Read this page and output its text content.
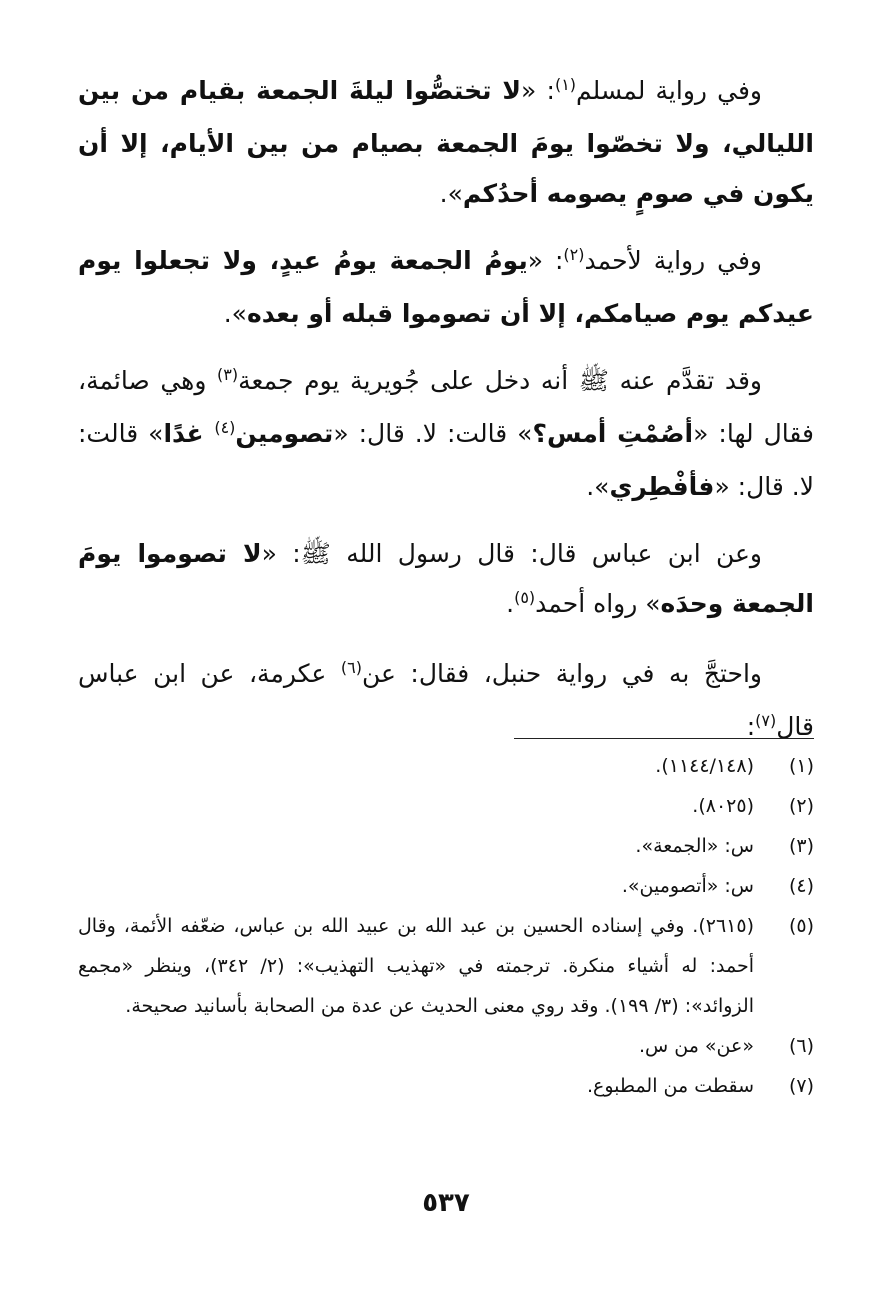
وفي رواية لمسلم$^{(١)}$: «لا تختصُّوا ليلةَ الجمعة بقيام من بين الليالي، ولا تخصّوا يومَ الجمعة بصيام من بين الأيام، إلا أن يكون في صومٍ يصومه أحدُكم».

وفي رواية لأحمد$^{(٢)}$: «يومُ الجمعة يومُ عيدٍ، ولا تجعلوا يوم عيدكم يوم صيامكم، إلا أن تصوموا قبله أو بعده».

وقد تقدَّم عنه ﷺ أنه دخل على جُويرية يوم جمعة$^{(٣)}$ وهي صائمة، فقال لها: «أصُمْتِ أمس؟» قالت: لا. قال: «تصومين$^{(٤)}$ غدًا» قالت: لا. قال: «فأفْطِري».

وعن ابن عباس قال: قال رسول الله ﷺ: «لا تصوموا يومَ الجمعة وحدَه» رواه أحمد$^{(٥)}$.

واحتجَّ به في رواية حنبل، فقال: عن$^{(٦)}$ عكرمة، عن ابن عباس قال$^{(٧)}$:

(١)
(١١٤٤/١٤٨).
(٢)
(٨٠٢٥).
(٣)
س: «الجمعة».
(٤)
س: «أتصومين».
(٥)
(٢٦١٥). وفي إسناده الحسين بن عبد الله بن عبيد الله بن عباس، ضعّفه الأئمة، وقال أحمد: له أشياء منكرة. ترجمته في «تهذيب التهذيب»: (٢/ ٣٤٢)، وينظر «مجمع الزوائد»: (٣/ ١٩٩). وقد روي معنى الحديث عن عدة من الصحابة بأسانيد صحيحة.
(٦)
«عن» من س.
(٧)
سقطت من المطبوع.
٥٣٧
